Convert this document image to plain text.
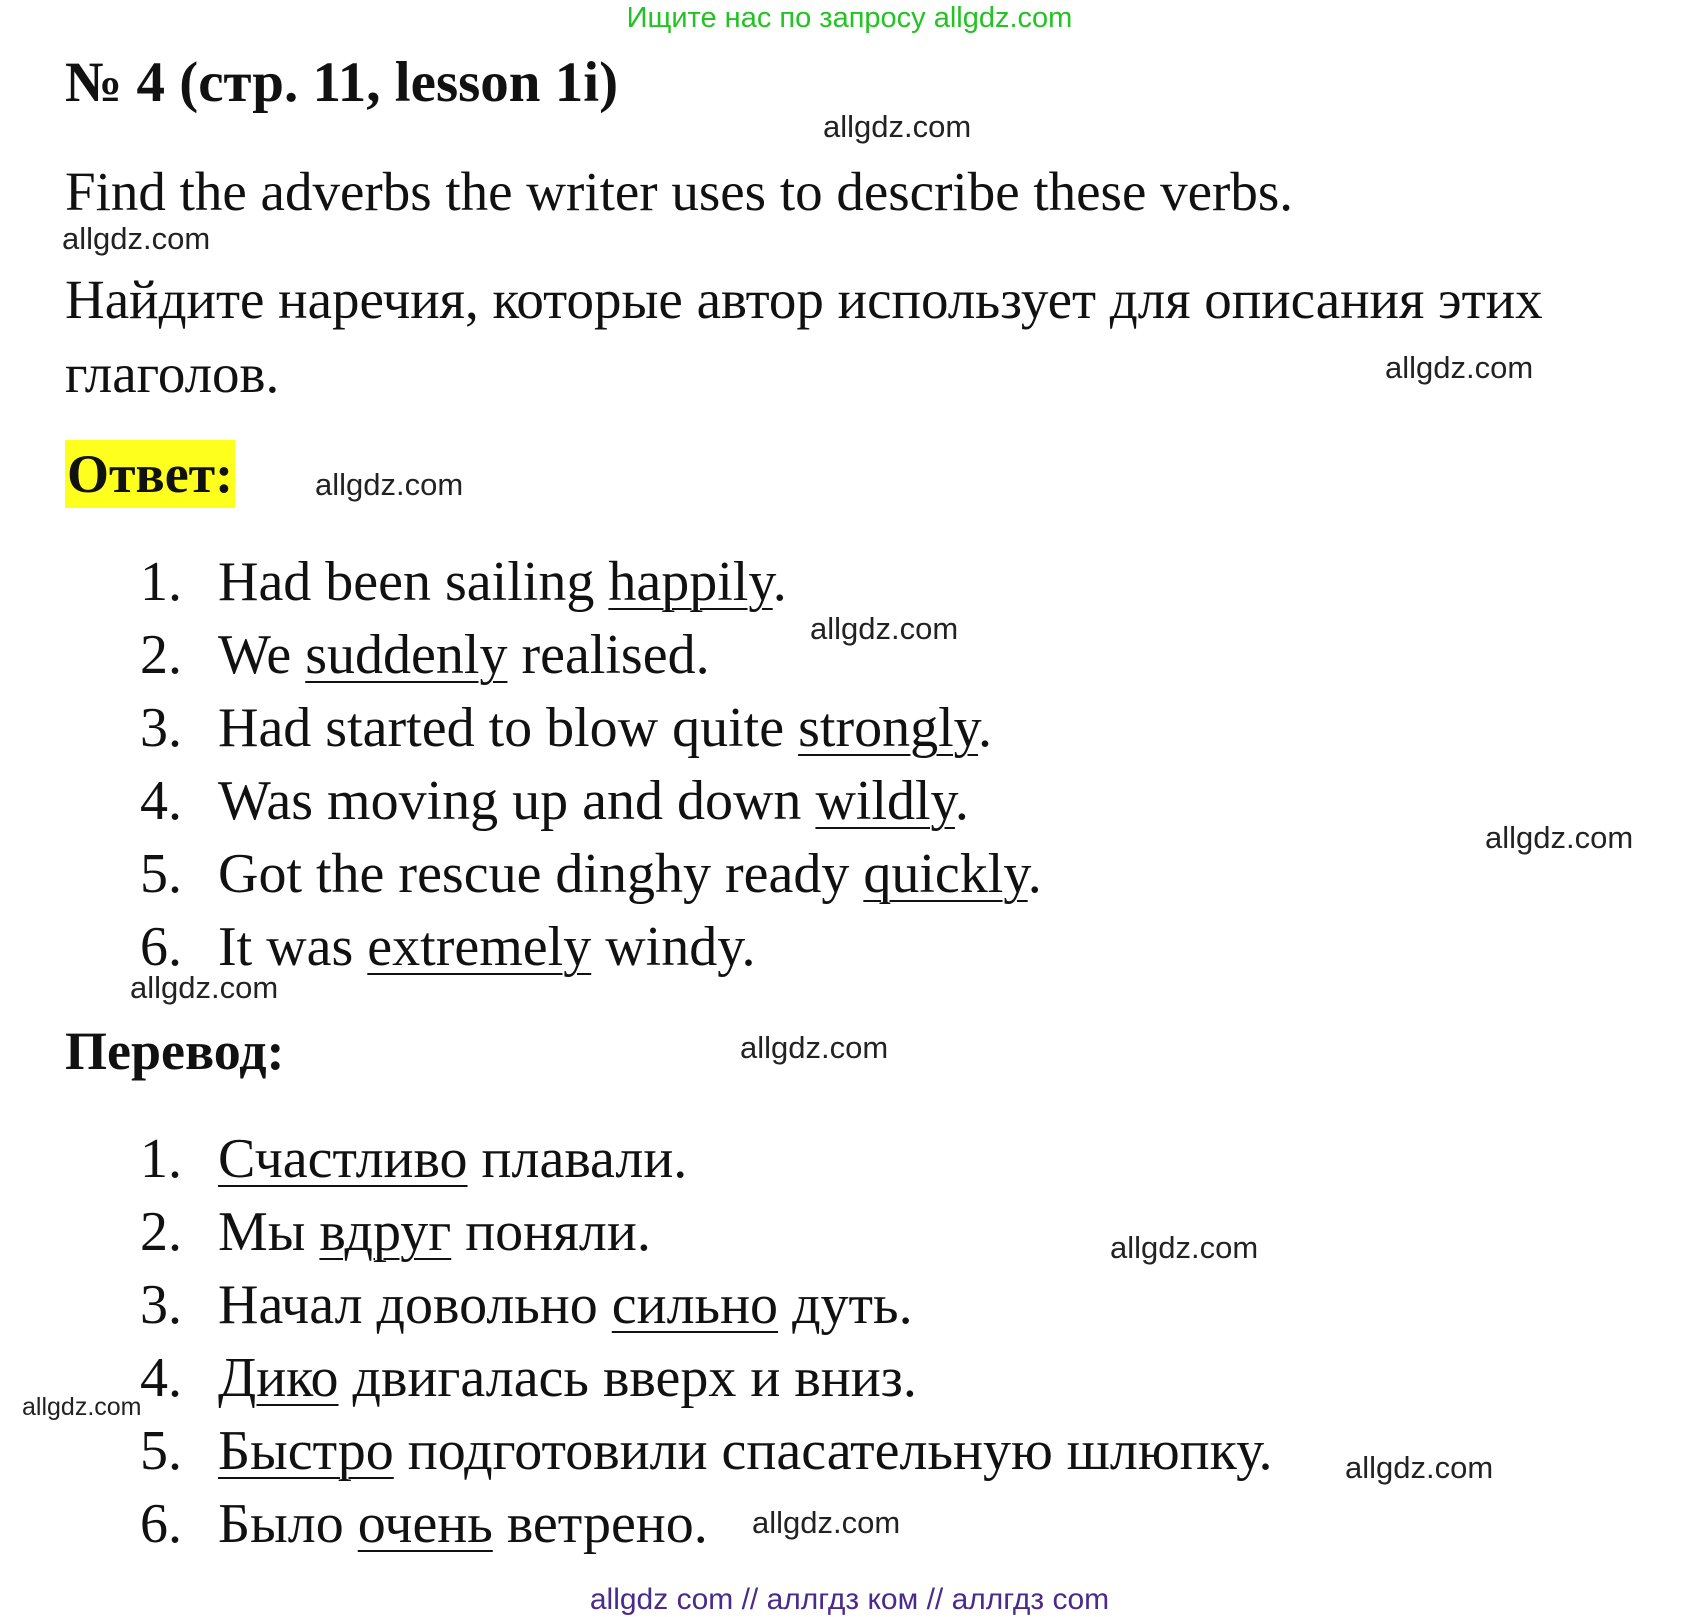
Ищите нас по запросу allgdz.com
№ 4 (стр. 11, lesson 1i)
Find the adverbs the writer uses to describe these verbs.
Найдите наречия, которые автор использует для описания этих
глаголов.
Ответ:
1. Had been sailing happily.
2. We suddenly realised.
3. Had started to blow quite strongly.
4. Was moving up and down wildly.
5. Got the rescue dinghy ready quickly.
6. It was extremely windy.
Перевод:
1. Счастливо плавали.
2. Мы вдруг поняли.
3. Начал довольно сильно дуть.
4. Дико двигалась вверх и вниз.
5. Быстро подготовили спасательную шлюпку.
6. Было очень ветрено.
allgdz.com
allgdz.com
allgdz.com
allgdz.com
allgdz.com
allgdz.com
allgdz.com
allgdz.com
allgdz.com
allgdz.com
allgdz.com
allgdz.com
allgdz com // аллгдз ком // аллгдз com
